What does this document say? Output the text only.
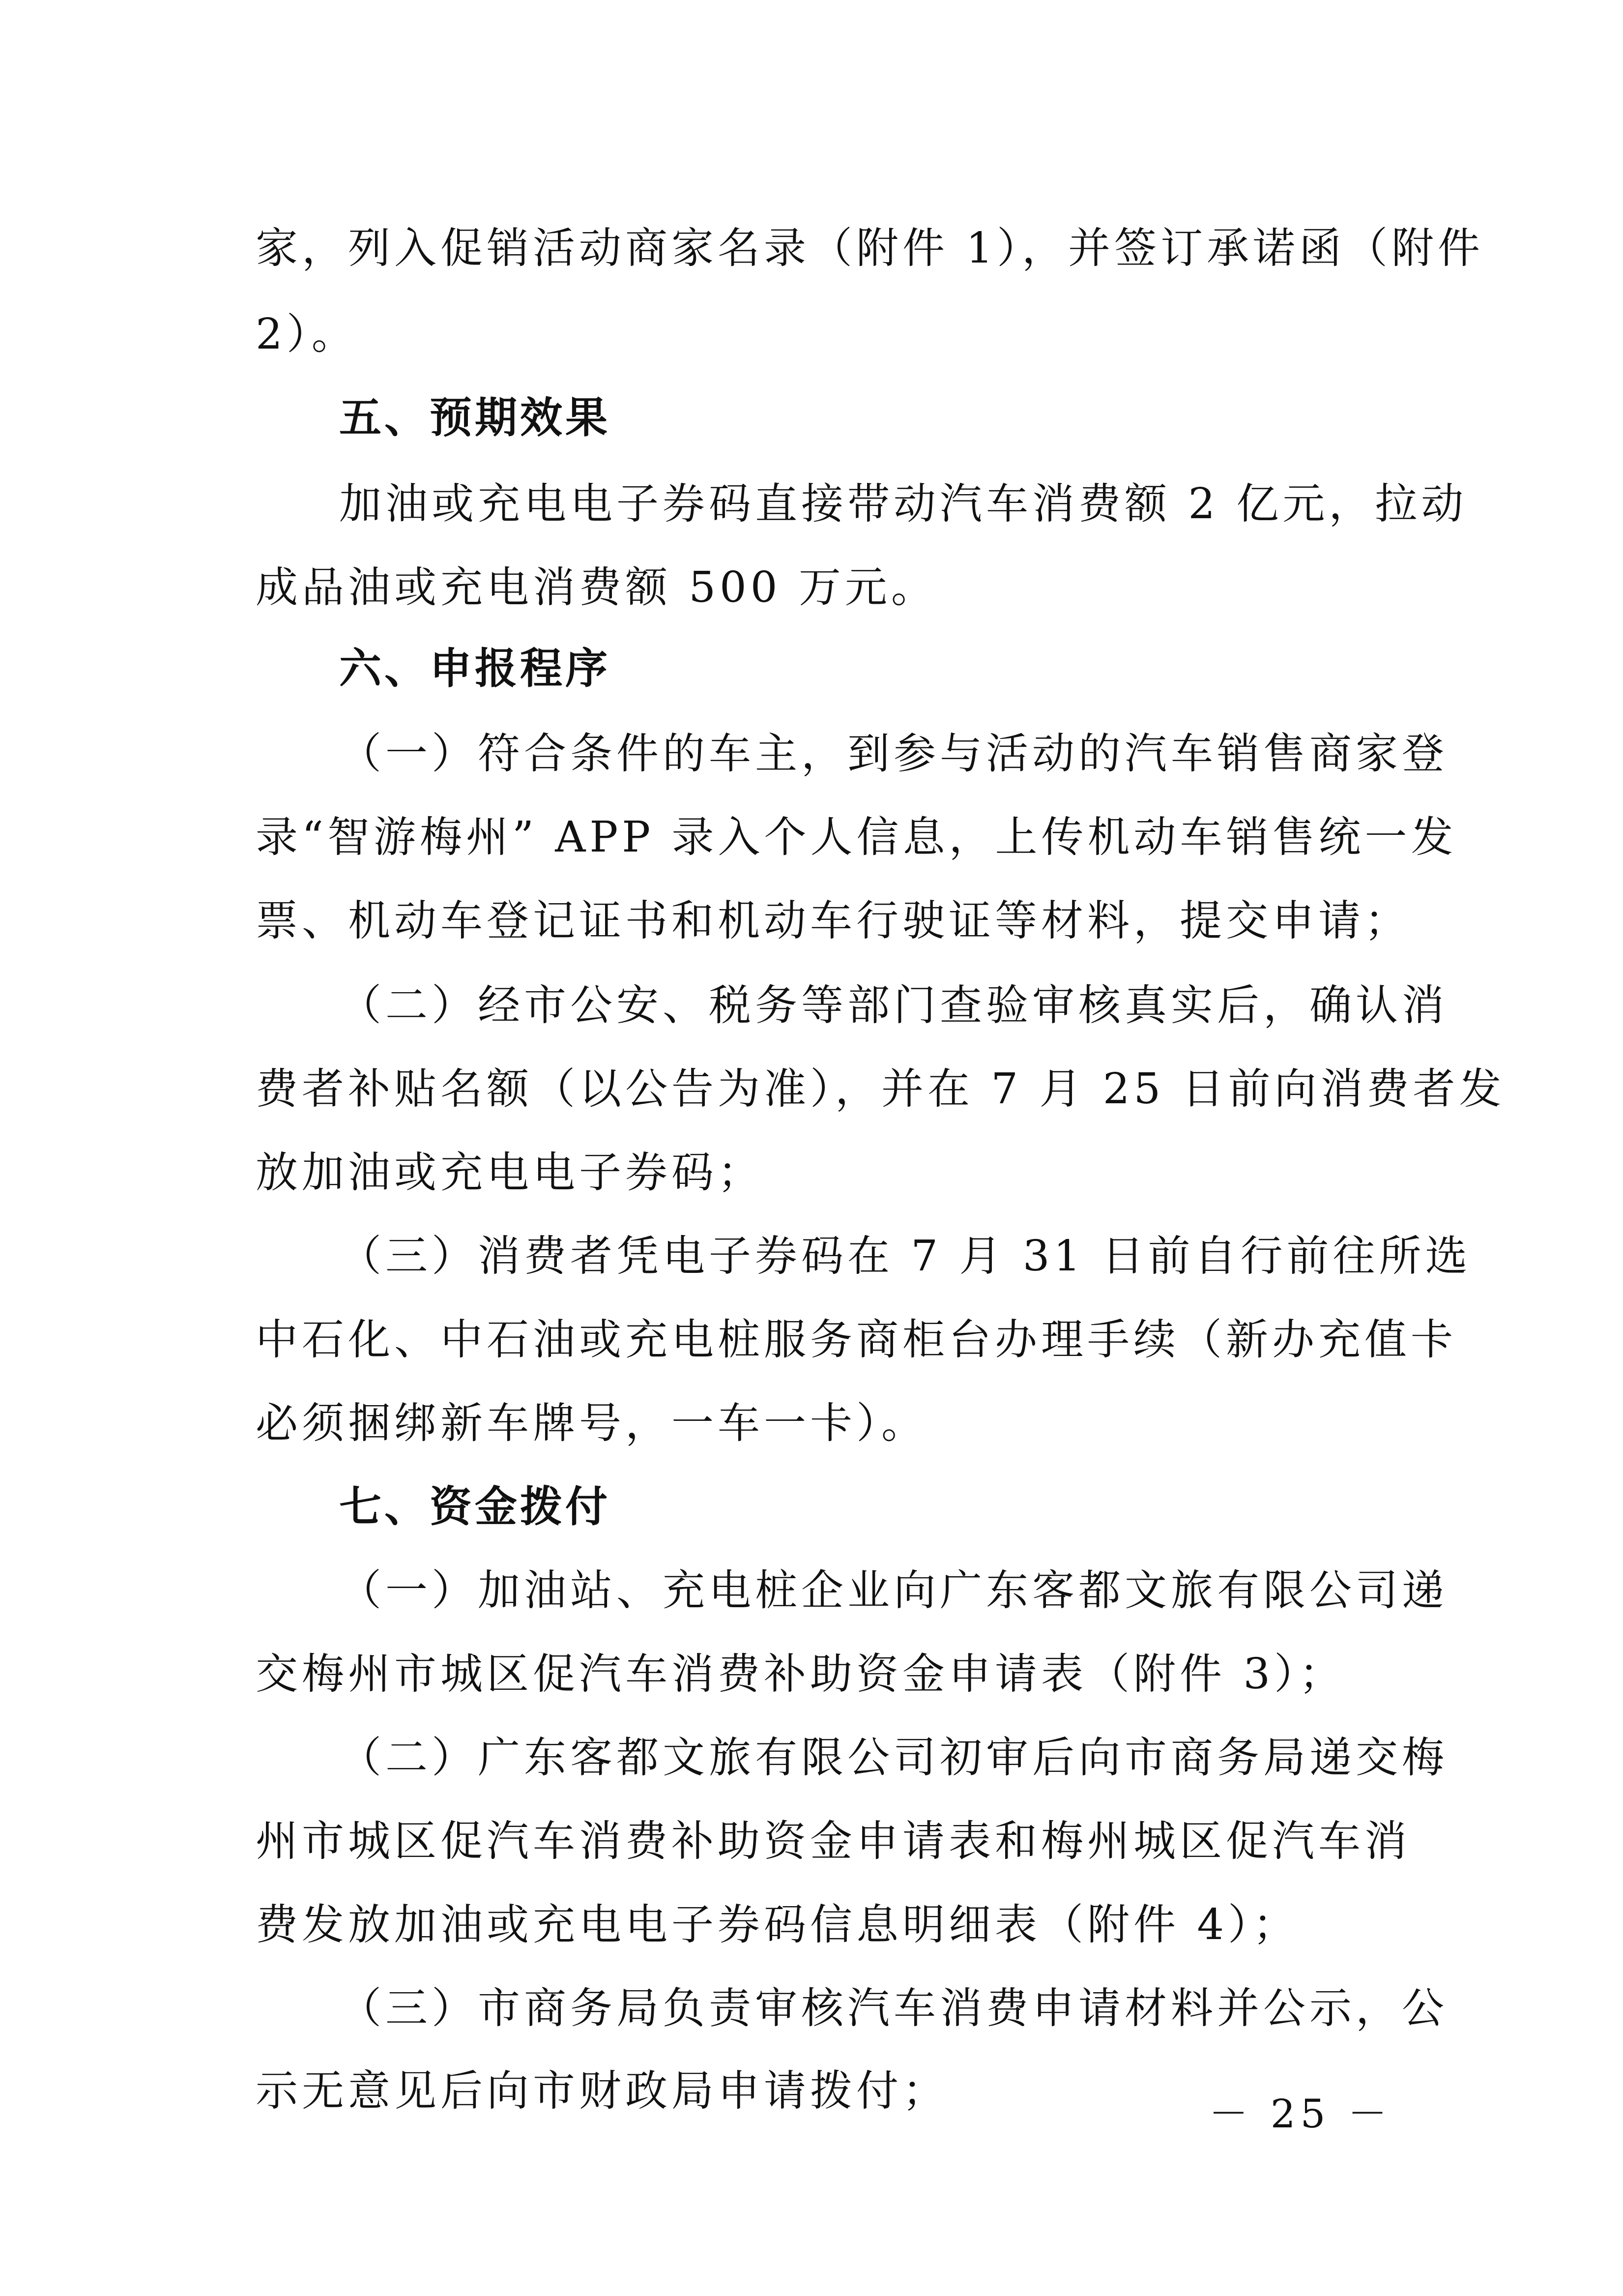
家，列入促销活动商家名录（附件 1），并签订承诺函（附件
2）。
五、预期效果
加油或充电电子券码直接带动汽车消费额 2 亿元，拉动
成品油或充电消费额 500 万元。
六、申报程序
（一）符合条件的车主，到参与活动的汽车销售商家登
录“智游梅州” APP 录入个人信息，上传机动车销售统一发
票、机动车登记证书和机动车行驶证等材料，提交申请；
（二）经市公安、税务等部门查验审核真实后，确认消
费者补贴名额（以公告为准），并在 7 月 25 日前向消费者发
放加油或充电电子券码；
（三）消费者凭电子券码在 7 月 31 日前自行前往所选
中石化、中石油或充电桩服务商柜台办理手续（新办充值卡
必须捆绑新车牌号，一车一卡）。
七、资金拨付
（一）加油站、充电桩企业向广东客都文旅有限公司递
交梅州市城区促汽车消费补助资金申请表（附件 3）；
（二）广东客都文旅有限公司初审后向市商务局递交梅
州市城区促汽车消费补助资金申请表和梅州城区促汽车消
费发放加油或充电电子券码信息明细表（附件 4）；
（三）市商务局负责审核汽车消费申请材料并公示，公
示无意见后向市财政局申请拨付；	－ 25 －
